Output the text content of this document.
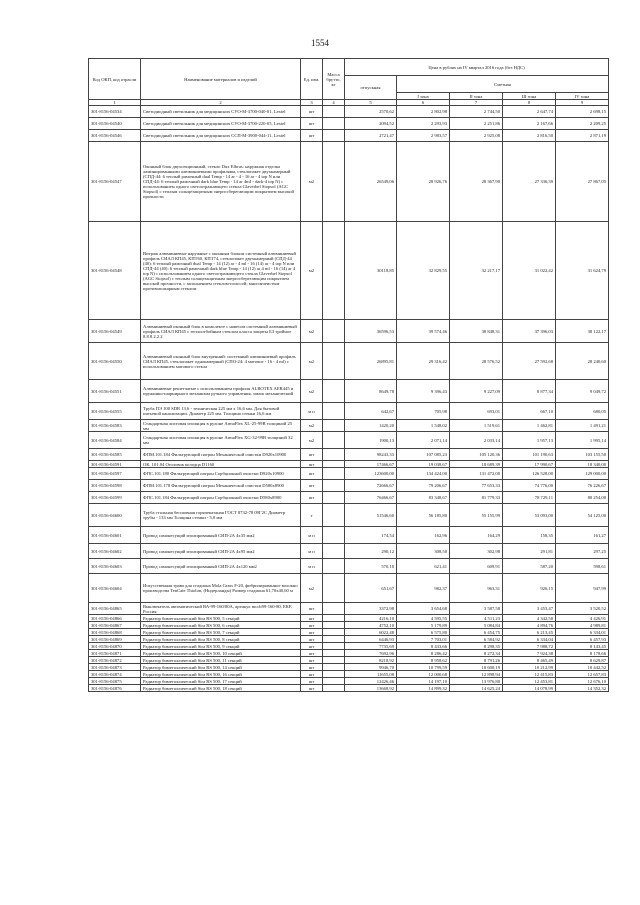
1554
Код ОКП, код отрасли	Наименование материалов и изделий	Ед. изм.	Масса брутто, кг	Цена в рублях на IV квартал 2016 года (без НДС)				
				отпускная	Сметная			
					I зона	II зона	III зона	IV зона
1	2	3	4	5	6	7	8	9
301-8156-04534	Светодиодный светильник для медицинских СУО-M-3700-040-01, Lextel	шт		2570,62	2 802,98	2 744,50	2 647,74	2 698,15
301-8156-04540	Светодиодный светильник для медицинских СУО-M-3700-220-05, Lextel	шт		2094,52	2 293,93	2 251,86	2 167,66	2 209,25
301-8156-04546	Светодиодный светильник для медицинских ССП-M-3900-044-11, Lextel	шт		2721,47	2 983,57	2 925,08	2 816,50	2 871,19
301-8156-04547	Оконный блок двухсекционный, стекло Dux Elbrus: наружная отделка ламинированными алюминиевыми профилями, стеклопакет двухкамерный (СПД-44: 6 теплый рамочный dual Temp - 14 ar - 4 - 16 ar - 4 top N или СПД-44: 6 теплый рамочный dark blue Temp - 14 ar 4mI - dark-4 top N) с использованием одного светоотражающего стекла Glaverbel Stopsol (AGC Stopsol) с теплым солнцезащитным энергосберегающим покрытием высокой прочности	м2		26549,06	28 926,76	28 367,90	27 336,39	27 867,05
301-8156-04548	Витраж алюминиевые наружные с оконным блоком системный алюминиевый профиль СИАЛ КП45, КПТ60, КПТ74, стеклопакет двухкамерный (СПД-44 (40): 6 теплый рамочный dual Temp - 14 (12) ar - 4 ml - 16 (14) ar - 4 top N или СПД-44 (40): 6 теплый рамочный dark blue Temp - 14 (12) ar 4 ml - 16 (14) ar 4 top N) с использованием одного светоотражающего стекла Glaverbel Stopsol (AGC Stopsol) с теплым солнцезащитным энергосберегающим покрытием высокой прочности, с заполнением стеклом-полосой; многоячеистым противопожарным стеклом	м2		30118,85	32 829,55	32 217,17	31 022,42	31 624,79
301-8156-04549	Алюминиевый оконный блок в комплекте с навесом системный алюминиевый профиль СИАЛ КП45 с теплоотбойным стеклом класса защиты Б3 тройное 8.8.8.2.2.2	м2		36596,53	39 574,46	38 848,31	37 396,03	38 122,17
301-8156-04550	Алюминиевый оконный блок внутренний: системный алюминиевый профиль СИАЛ КП45, стеклопакет однокамерный (СПО-24: 4 матовое - 16 - 4 ml) с использованием матового стекла	м2		26895,81	29 316,42	28 576,52	27 592,68	28 240,60
301-8156-04551	Алюминиевые решетчатые с использованием профиля ALBOTEX AER445 и пружинно-шарнирного механизма ручного управления, замок механический	м2		8649,78	9 396,43	9 227,09	8 877,34	9 049,72
301-8156-04555	Труба ПЭ 100 SDR 13,6 - техническая 225 мм х 16,6 мм. Для бытовой питьевой канализации. Диаметр 225 мм. Толщина стенки 16,6 мм	м п		642,67	705,98	693,01	667,10	680,05
301-8156-04583	Стандартная листовая изоляция в рулоне ArmaFlex XL-25-99В толщиной 25 мм	м2		1420,20	1 548,02	1 519,61	1 462,81	1 491,21
301-8156-04584	Стандартная листовая изоляция в рулоне ArmaFlex XG-32-99В толщиной 32 мм	м2		1900,13	2 071,14	2 033,14	1 957,13	1 995,14
301-8156-04585	ФПМ.101.184 Фильтрующий патрон Механической очистки D920x10900	шт		98243,33	107 085,23	105 120,36	101 190,63	103 155,50
301-8156-04591	ОК. 101.04 Оголовок колодца D1160	шт		17466,67	19 038,67	18 689,39	17 990,67	18 340,00
301-8156-04597	ФПС.101.180 Фильтрующий патрон Сорбционной очистки D920x10900	шт		123600,00	134 424,00	131 472,00	126 528,00	129 000,00
301-8156-04598	ФПМ.101.178 Фильтрующий патрон Механической очистки D580x8900	шт		72666,67	79 206,67	77 653,33	74 776,00	76 226,67
301-8156-04599	ФПС.101.184 Фильтрующий патрон Сорбционной очистки D580x8900	шт		76466,67	83 348,67	81 779,33	78 729,11	80 254,00
301-8156-04600	Труба стальная бесшовная горячекатаная ГОСТ 8732-78 09Г2С Диаметр трубы - 133 мм Толщина стенки - 5,0 мм	т		51546,60	56 185,80	55 155,99	53 093,00	54 125,00
301-8156-04601	Провод самонесущий изолированный СИП-2А 4х35 мм2	м п		174,54	162,96	164,29	158,35	161,27
301-8156-04602	Провод самонесущий изолированный СИП-2А 4х95 мм2	м п		290,12	308,50	302,98	291,81	297,25
301-8156-04603	Провод самонесущий изолированный СИП-2А 4х120 мм2	м п		570,10	621,41	609,91	587,20	598,61
301-8156-04604	Искусственная трава для стадиона Mola Grass F-20, фибрилированное волокно производства TenCate Thiolon, (Нидерланды) Размер стадиона 61,70х40,60 м	м2		651,67	982,37	963,31	926,15	947,99
301-8156-04865	Выключатель автоматический ВА-99-160/80А, артикул mccb99-160-80, ЕКF, Россия	шт		3372,98	3 654,68	3 587,58	3 453,47	3 520,52
301-8156-04866	Радиатор биметаллический Sira RS 500, 5 секций	шт		4216,10	4 595,55	4 511,23	4 342,58	4 426,91
301-8156-04867	Радиатор биметаллический Sira RS 500, 6 секций	шт		4752,10	5 179,89	5 084,84	4 894,76	4 989,81
301-8156-04868	Радиатор биметаллический Sira RS 500, 7 секций	шт		6022,48	6 575,80	6 454,75	6 213,45	6 334,01
301-8156-04869	Радиатор биметаллический Sira RS 500, 8 секций	шт		6446,93	7 703,01	6 584,92	6 334,04	6 457,93
301-8156-04870	Радиатор биметаллический Sira RS 500, 9 секций	шт		7735,69	8 433,66	8 298,35	7 988,72	8 143,45
301-8156-04871	Радиатор биметаллический Sira RS 500, 10 секций	шт		7692,96	8 286,42	8 272,34	7 924,38	8 178,66
301-8156-04872	Радиатор биметаллический Sira RS 500, 11 секций	шт		8218,92	8 958,62	8 791,26	8 465,49	8 629,87
301-8156-04873	Радиатор биметаллический Sira RS 500, 14 секций	шт		9946,70	10 799,59	10 600,19	10 212,99	10 442,52
301-8156-04874	Радиатор биметаллический Sira RS 500, 16 секций	шт		11655,08	12 000,68	12 898,94	12 415,83	12 657,83
301-8156-04875	Радиатор биметаллический Sira RS 500, 17 секций	шт		12426,46	14 197,10	13 976,80	12 453,81	12 676,10
301-8156-04876	Радиатор биметаллический Sira RS 500, 18 секций	шт		13668,92	14 899,32	14 625,24	14 078,99	14 352,32
